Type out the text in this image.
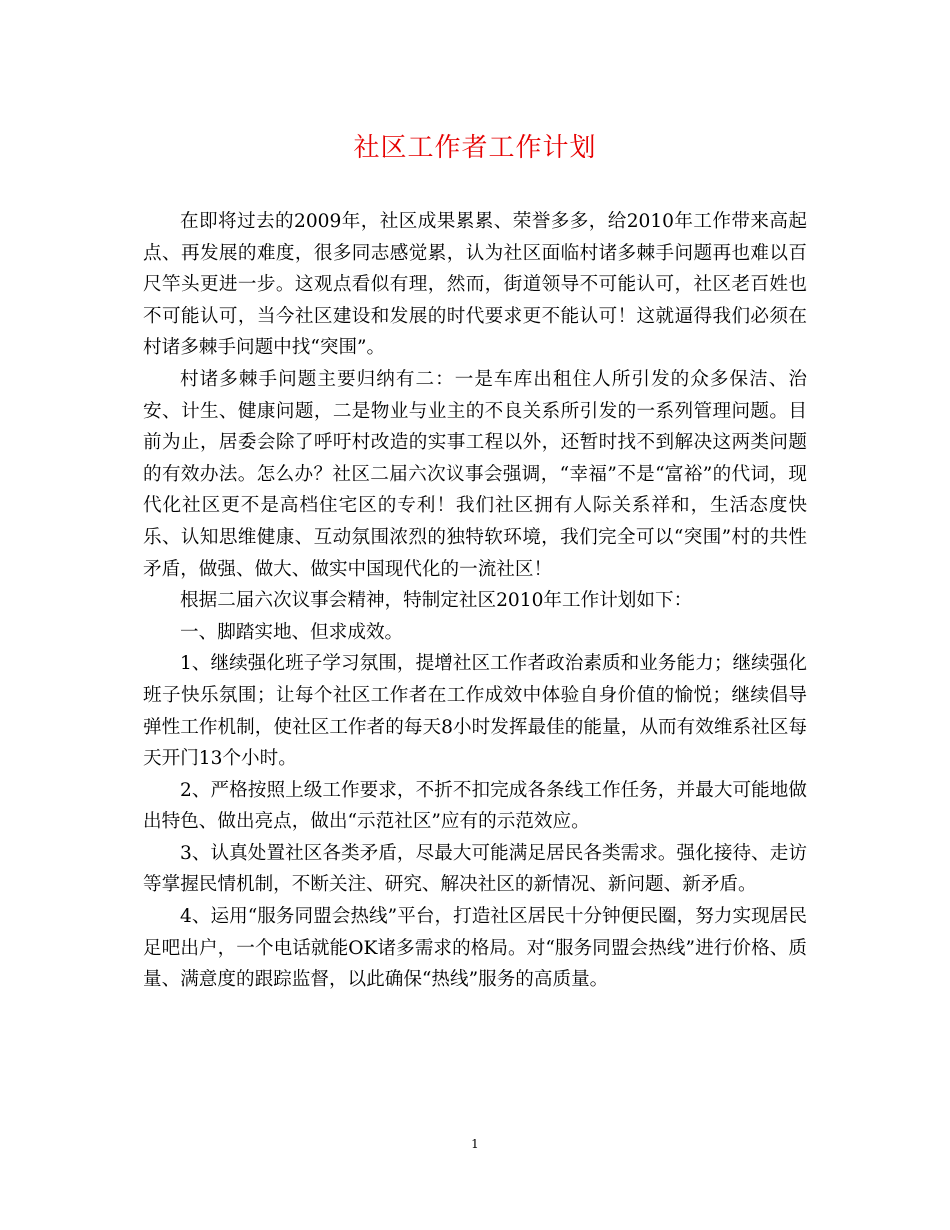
社区工作者工作计划

在即将过去的2009年，社区成果累累、荣誉多多，给2010年工作带来高起点、再发展的难度，很多同志感觉累，认为社区面临村诸多棘手问题再也难以百尺竿头更进一步。这观点看似有理，然而，街道领导不可能认可，社区老百姓也不可能认可，当今社区建设和发展的时代要求更不能认可！这就逼得我们必须在村诸多棘手问题中找“突围”。

村诸多棘手问题主要归纳有二：一是车库出租住人所引发的众多保洁、治安、计生、健康问题，二是物业与业主的不良关系所引发的一系列管理问题。目前为止，居委会除了呼吁村改造的实事工程以外，还暂时找不到解决这两类问题的有效办法。怎么办？社区二届六次议事会强调，“幸福”不是“富裕”的代词，现代化社区更不是高档住宅区的专利！我们社区拥有人际关系祥和，生活态度快乐、认知思维健康、互动氛围浓烈的独特软环境，我们完全可以“突围”村的共性矛盾，做强、做大、做实中国现代化的一流社区！

根据二届六次议事会精神，特制定社区2010年工作计划如下：

一、脚踏实地、但求成效。

1、继续强化班子学习氛围，提增社区工作者政治素质和业务能力；继续强化班子快乐氛围；让每个社区工作者在工作成效中体验自身价值的愉悦；继续倡导弹性工作机制，使社区工作者的每天8小时发挥最佳的能量，从而有效维系社区每天开门13个小时。

2、严格按照上级工作要求，不折不扣完成各条线工作任务，并最大可能地做出特色、做出亮点，做出“示范社区”应有的示范效应。

3、认真处置社区各类矛盾，尽最大可能满足居民各类需求。强化接待、走访等掌握民情机制，不断关注、研究、解决社区的新情况、新问题、新矛盾。

4、运用“服务同盟会热线”平台，打造社区居民十分钟便民圈，努力实现居民足吧出户，一个电话就能OK诸多需求的格局。对“服务同盟会热线”进行价格、质量、满意度的跟踪监督，以此确保“热线”服务的高质量。

1
